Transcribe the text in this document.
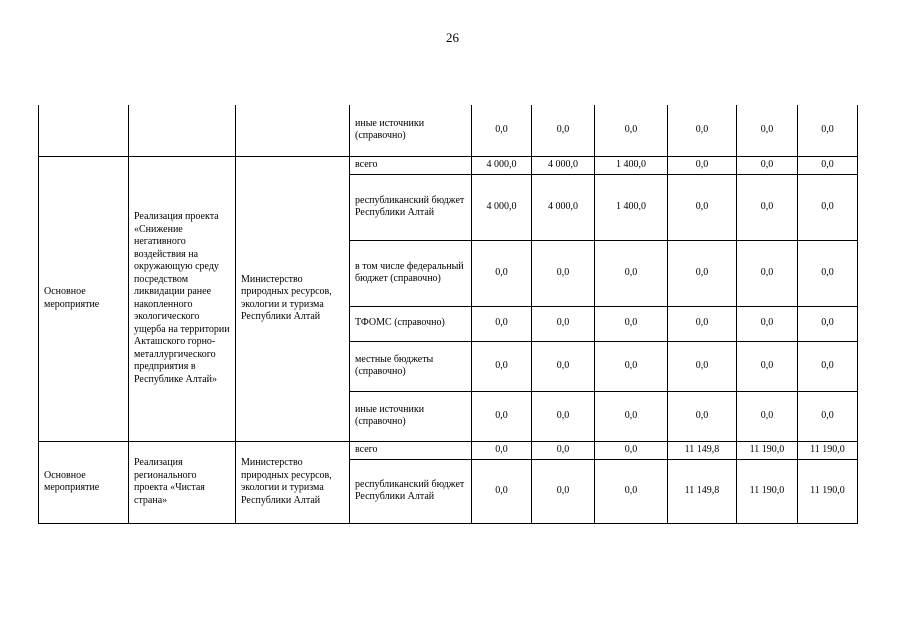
26
			иные источники (справочно)	0,0	0,0	0,0	0,0	0,0	0,0
Основное мероприятие	Реализация проекта «Снижение негативного воздействия на окружающую среду посредством ликвидации ранее накопленного экологического ущерба на территории Акташского горно-металлургического предприятия в Республике Алтай»	Министерство природных ресурсов, экологии и туризма Республики Алтай	всего	4 000,0	4 000,0	1 400,0	0,0	0,0	0,0
			республиканский бюджет Республики Алтай	4 000,0	4 000,0	1 400,0	0,0	0,0	0,0
			в том числе федеральный бюджет (справочно)	0,0	0,0	0,0	0,0	0,0	0,0
			ТФОМС (справочно)	0,0	0,0	0,0	0,0	0,0	0,0
			местные бюджеты (справочно)	0,0	0,0	0,0	0,0	0,0	0,0
			иные источники (справочно)	0,0	0,0	0,0	0,0	0,0	0,0
Основное мероприятие	Реализация регионального проекта «Чистая страна»	Министерство природных ресурсов, экологии и туризма Республики Алтай	всего	0,0	0,0	0,0	11 149,8	11 190,0	11 190,0
			республиканский бюджет Республики Алтай	0,0	0,0	0,0	11 149,8	11 190,0	11 190,0
